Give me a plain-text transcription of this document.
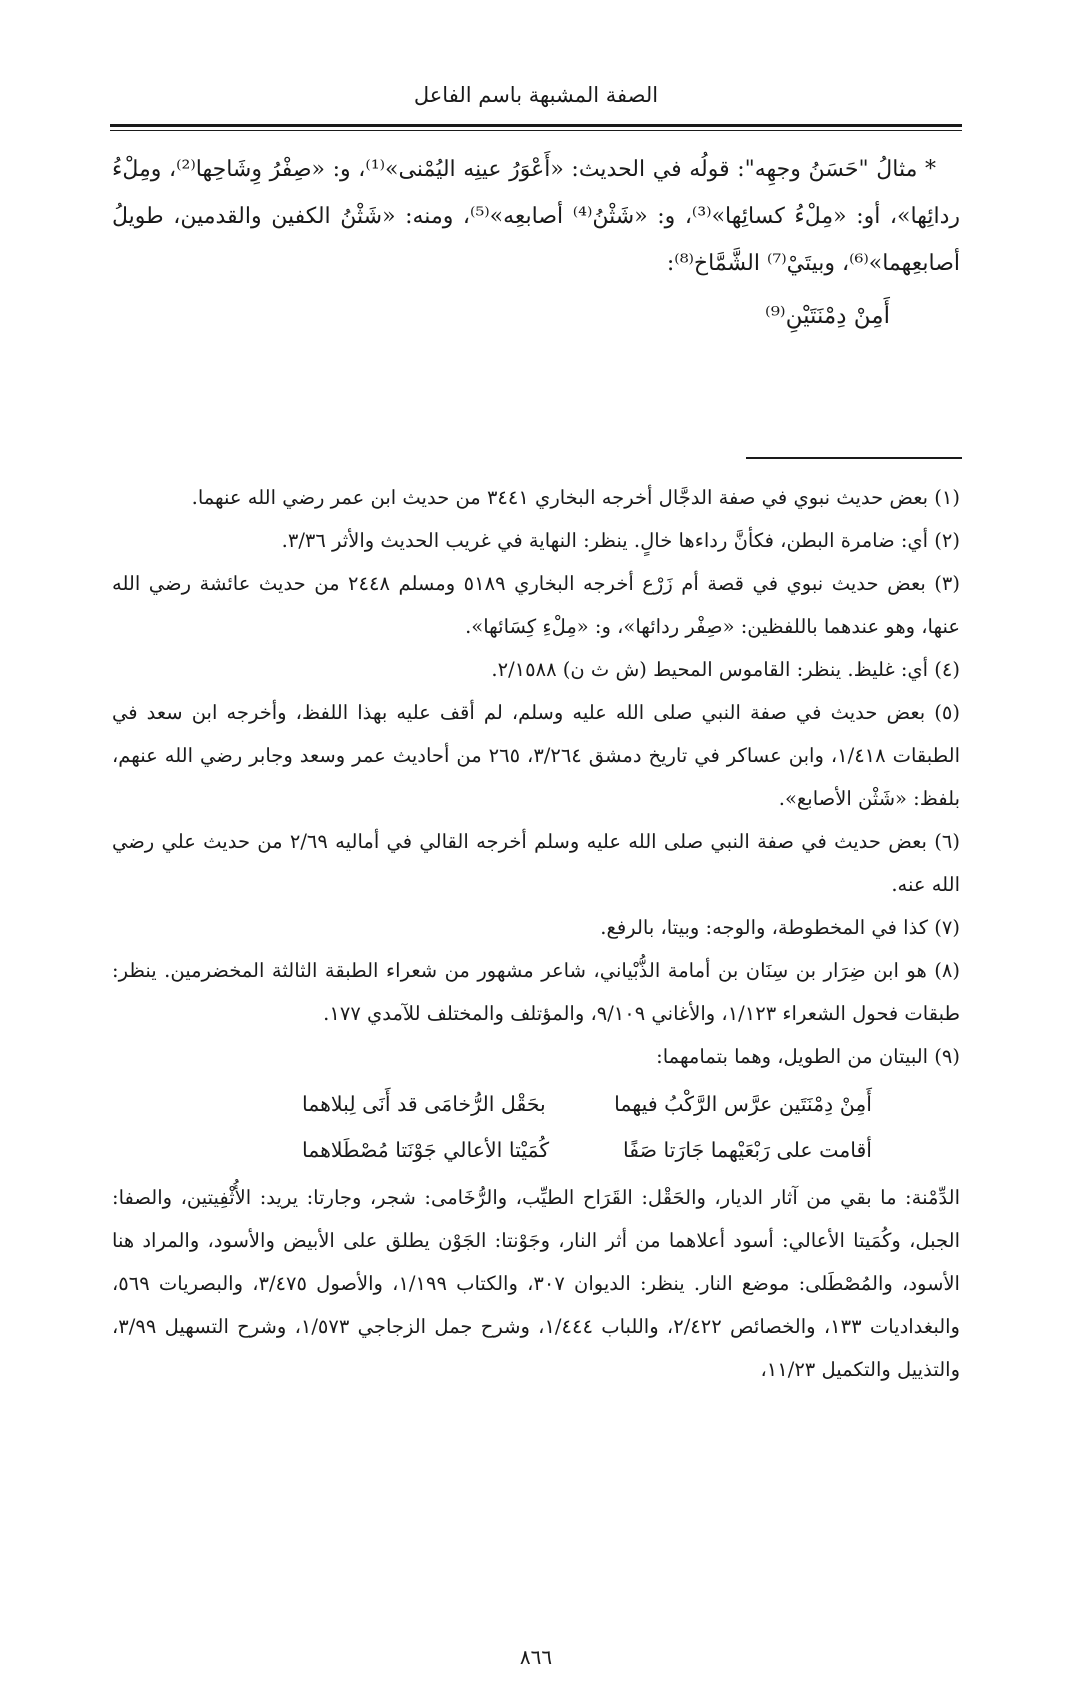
الصفة المشبهة باسم الفاعل

* مثالُ "حَسَنُ وجهِه": قولُه في الحديث: «أَعْوَرُ عينِه اليُمْنى»⁽¹⁾، و: «صِفْرُ وِشَاحِها⁽²⁾، ومِلْءُ ردائِها»، أو: «مِلْءُ كسائِها»⁽³⁾، و: «شَثْنُ⁽⁴⁾ أصابعِه»⁽⁵⁾، ومنه: «شَثْنُ الكفين والقدمين، طويلُ أصابعِهما»⁽⁶⁾، وبيتَيْ⁽⁷⁾ الشَّمَّاخ⁽⁸⁾:

أَمِنْ دِمْنَتَيْنِ⁽⁹⁾

(١) بعض حديث نبوي في صفة الدجَّال أخرجه البخاري ٣٤٤١ من حديث ابن عمر رضي الله عنهما.

(٢) أي: ضامرة البطن، فكأنَّ رداءها خالٍ. ينظر: النهاية في غريب الحديث والأثر ٣/٣٦.

(٣) بعض حديث نبوي في قصة أم زَرْع أخرجه البخاري ٥١٨٩ ومسلم ٢٤٤٨ من حديث عائشة رضي الله عنها، وهو عندهما باللفظين: «صِفْر ردائها»، و: «مِلْءِ كِسَائها».

(٤) أي: غليظ. ينظر: القاموس المحيط (ش ث ن) ٢/١٥٨٨.

(٥) بعض حديث في صفة النبي صلى الله عليه وسلم، لم أقف عليه بهذا اللفظ، وأخرجه ابن سعد في الطبقات ١/٤١٨، وابن عساكر في تاريخ دمشق ٣/٢٦٤، ٢٦٥ من أحاديث عمر وسعد وجابر رضي الله عنهم، بلفظ: «شَثْن الأصابع».

(٦) بعض حديث في صفة النبي صلى الله عليه وسلم أخرجه القالي في أماليه ٢/٦٩ من حديث علي رضي الله عنه.

(٧) كذا في المخطوطة، والوجه: وبيتا، بالرفع.

(٨) هو ابن ضِرَار بن سِنَان بن أمامة الذُّبْياني، شاعر مشهور من شعراء الطبقة الثالثة المخضرمين. ينظر: طبقات فحول الشعراء ١/١٢٣، والأغاني ٩/١٠٩، والمؤتلف والمختلف للآمدي ١٧٧.

(٩) البيتان من الطويل، وهما بتمامهما:

أَمِنْ دِمْنَتَين عرَّس الرَّكْبُ فيهما
بحَقْل الرُّخامَى قد أَنَى لِبلاهما
أقامت على رَبْعَيْهما جَارَتا صَفًا
كُمَيْتا الأعالي جَوْنَتا مُصْطَلاهما

الدِّمْنة: ما بقي من آثار الديار، والحَقْل: القَرَاح الطيِّب، والرُّخَامى: شجر، وجارتا: يريد: الأُثْفِيتين، والصفا: الجبل، وكُمَيتا الأعالي: أسود أعلاهما من أثر النار، وجَوْنتا: الجَوْن يطلق على الأبيض والأسود، والمراد هنا الأسود، والمُصْطَلى: موضع النار. ينظر: الديوان ٣٠٧، والكتاب ١/١٩٩، والأصول ٣/٤٧٥، والبصريات ٥٦٩، والبغداديات ١٣٣، والخصائص ٢/٤٢٢، واللباب ١/٤٤٤، وشرح جمل الزجاجي ١/٥٧٣، وشرح التسهيل ٣/٩٩، والتذييل والتكميل ١١/٢٣،

٨٦٦
